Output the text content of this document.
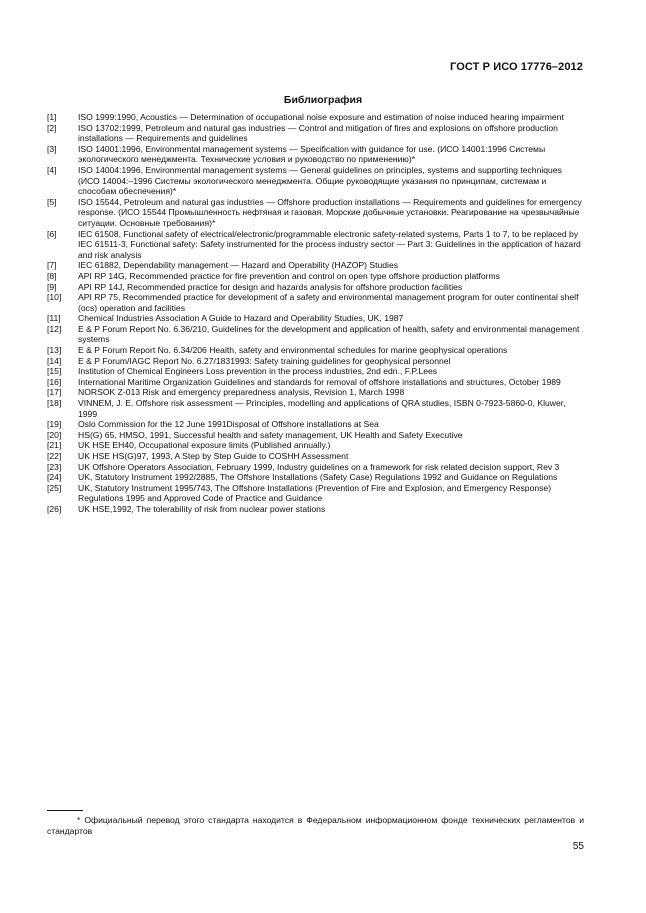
ГОСТ Р ИСО 17776–2012
Библиография
[1]	ISO 1999:1990, Acoustics — Determination of occupational noise exposure and estimation of noise induced hearing impairment
[2]	ISO 13702:1999, Petroleum and natural gas industries — Control and mitigation of fires and explosions on offshore production installations — Requirements and guidelines
[3]	ISO 14001:1996, Environmental management systems — Specification with guidance for use. (ИСО 14001:1996 Системы экологического менеджмента. Технические условия и руководство по применению)*
[4]	ISO 14004:1996, Environmental management systems — General guidelines on principles, systems and supporting techniques (ИСО 14004:–1996 Системы экологического менеджмента. Общие руководящие указания по принципам, системам и способам обеспечения)*
[5]	ISO 15544, Petroleum and natural gas industries — Offshore production installations — Requirements and guidelines for emergency response. (ИСО 15544 Промышленность нефтяная и газовая. Морские добычные установки. Реагирование на чрезвычайные ситуации. Основные требования)*
[6]	IEC 61508, Functional safety of electrical/electronic/programmable electronic safety-related systems, Parts 1 to 7, to be replaced by IEC 61511-3, Functional safety: Safety instrumented for the process industry sector — Part 3: Guidelines in the application of hazard and risk analysis
[7]	IEC 61882, Dependability management — Hazard and Operability (HAZOP) Studies
[8]	API RP 14G, Recommended practice for fire prevention and control on open type offshore production platforms
[9]	API RP 14J, Recommended practice for design and hazards analysis for offshore production facilities
[10]	API RP 75, Recommended practice for development of a safety and environmental management program for outer continental shelf (ocs) operation and facilities
[11]	Chemical Industries Association A Guide to Hazard and Operability Studies, UK, 1987
[12]	E & P Forum Report No. 6.36/210, Guidelines for the development and application of health, safety and environmental management systems
[13]	E & P Forum Report No. 6.34/206 Health, safety and environmental schedules for marine geophysical operations
[14]	E & P Forum/IAGC Report No. 6.27/1831993: Safety training guidelines for geophysical personnel
[15]	Institution of Chemical Engineers Loss prevention in the process industries, 2nd edn., F.P.Lees
[16]	International Maritime Organization Guidelines and standards for removal of offshore installations and structures, October 1989
[17]	NORSOK Z-013 Risk and emergency preparedness analysis, Revision 1, March 1998
[18]	VINNEM, J. E. Offshore risk assessment — Principles, modelling and applications of QRA studies, ISBN 0-7923-5860-0, Kluwer, 1999
[19]	Oslo Commission for the 12 June 1991Disposal of Offshore installations at Sea
[20]	HS(G) 65, HMSO, 1991, Successful health and safety management, UK Health and Safety Executive
[21]	UK HSE EH40, Occupational exposure limits (Published annually.)
[22]	UK HSE HS(G)97, 1993, A Step by Step Guide to COSHH Assessment
[23]	UK Offshore Operators Association, February 1999, Industry guidelines on a framework for risk related decision support, Rev 3
[24]	UK, Statutory Instrument 1992/2885, The Offshore Installations (Safety Case) Regulations 1992 and Guidance on Regulations
[25]	UK, Statutory Instrument 1995/743, The Offshore Installations (Prevention of Fire and Explosion, and Emergency Response) Regulations 1995 and Approved Code of Practice and Guidance
[26]	UK HSE,1992, The tolerability of risk from nuclear power stations
* Официальный перевод этого стандарта находится в Федеральном информационном фонде технических регламентов и стандартов
55
